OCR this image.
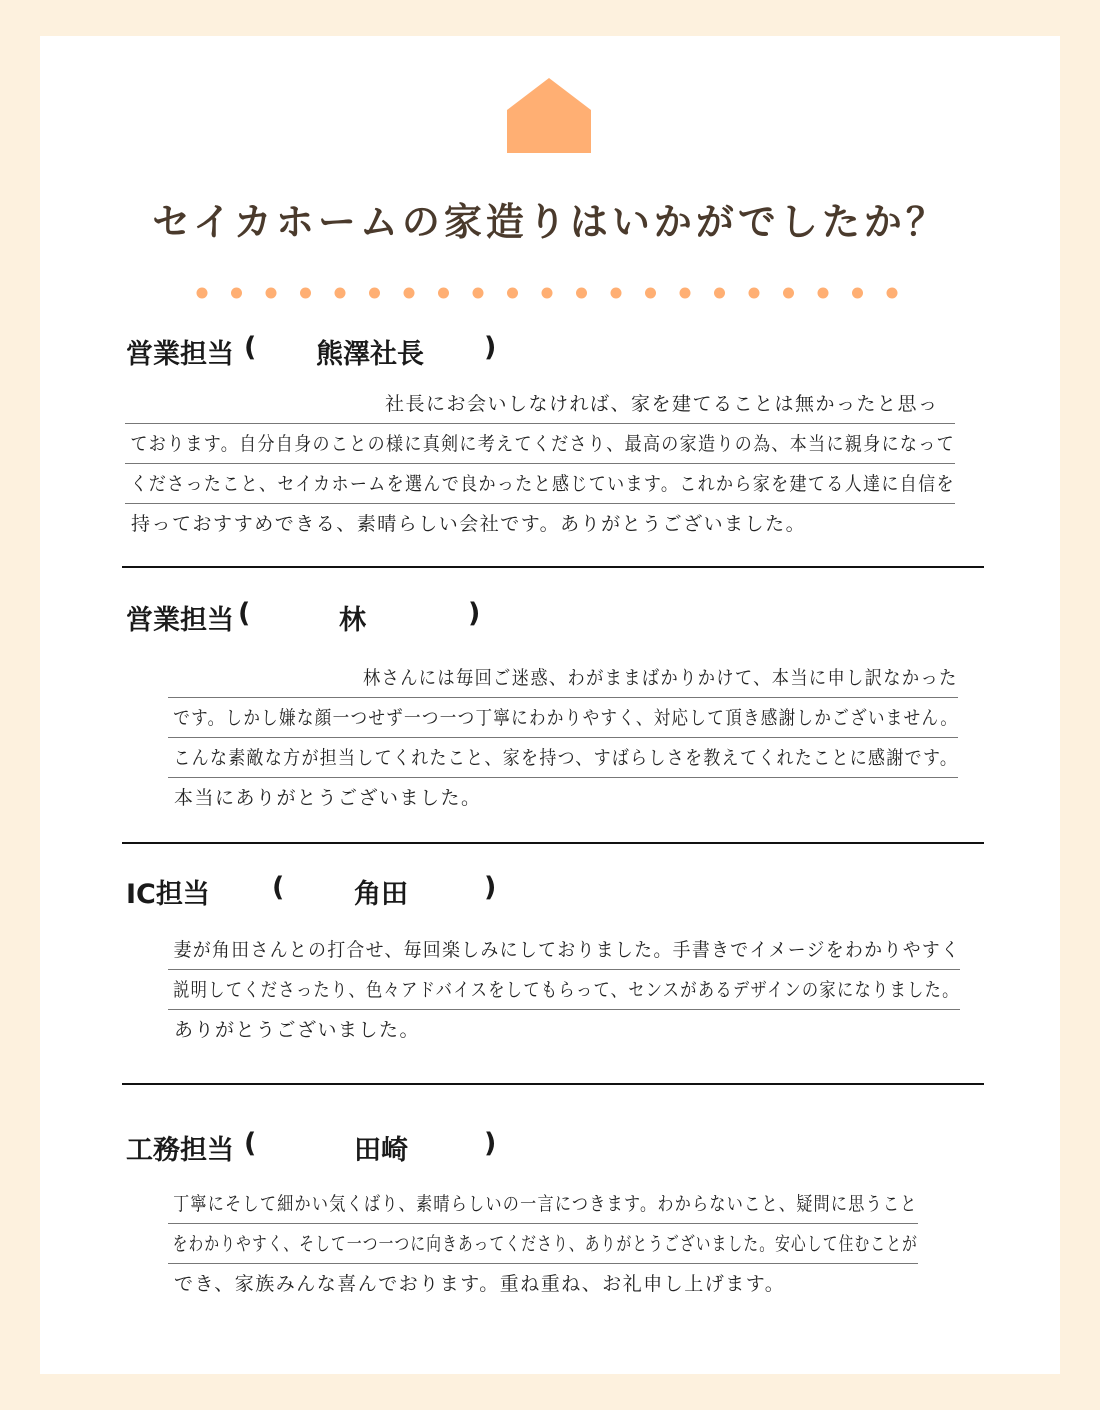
セイカホームの家造りはいかがでしたか？

営業担当

(

熊澤社長

)

社長にお会いしなければ、家を建てることは無かったと思っ
ております。自分自身のことの様に真剣に考えてくださり、最高の家造りの為、本当に親身になって
くださったこと、セイカホームを選んで良かったと感じています。これから家を建てる人達に自信を
持っておすすめできる、素晴らしい会社です。ありがとうございました。

営業担当

(

	林

	)

林さんには毎回ご迷惑、わがままばかりかけて、本当に申し訳なかった
です。しかし嫌な顔一つせず一つ一つ丁寧にわかりやすく、対応して頂き感謝しかございません。
こんな素敵な方が担当してくれたこと、家を持つ、すばらしさを教えてくれたことに感謝です。
本当にありがとうございました。

IC担当

(

	角田

	)

妻が角田さんとの打合せ、毎回楽しみにしておりました。手書きでイメージをわかりやすく
説明してくださったり、色々アドバイスをしてもらって、センスがあるデザインの家になりました。
ありがとうございました。

工務担当

(

	田崎

	)

丁寧にそして細かい気くばり、素晴らしいの一言につきます。わからないこと、疑問に思うこと
をわかりやすく、そして一つ一つに向きあってくださり、ありがとうございました。安心して住むことが
でき、家族みんな喜んでおります。重ね重ね、お礼申し上げます。
